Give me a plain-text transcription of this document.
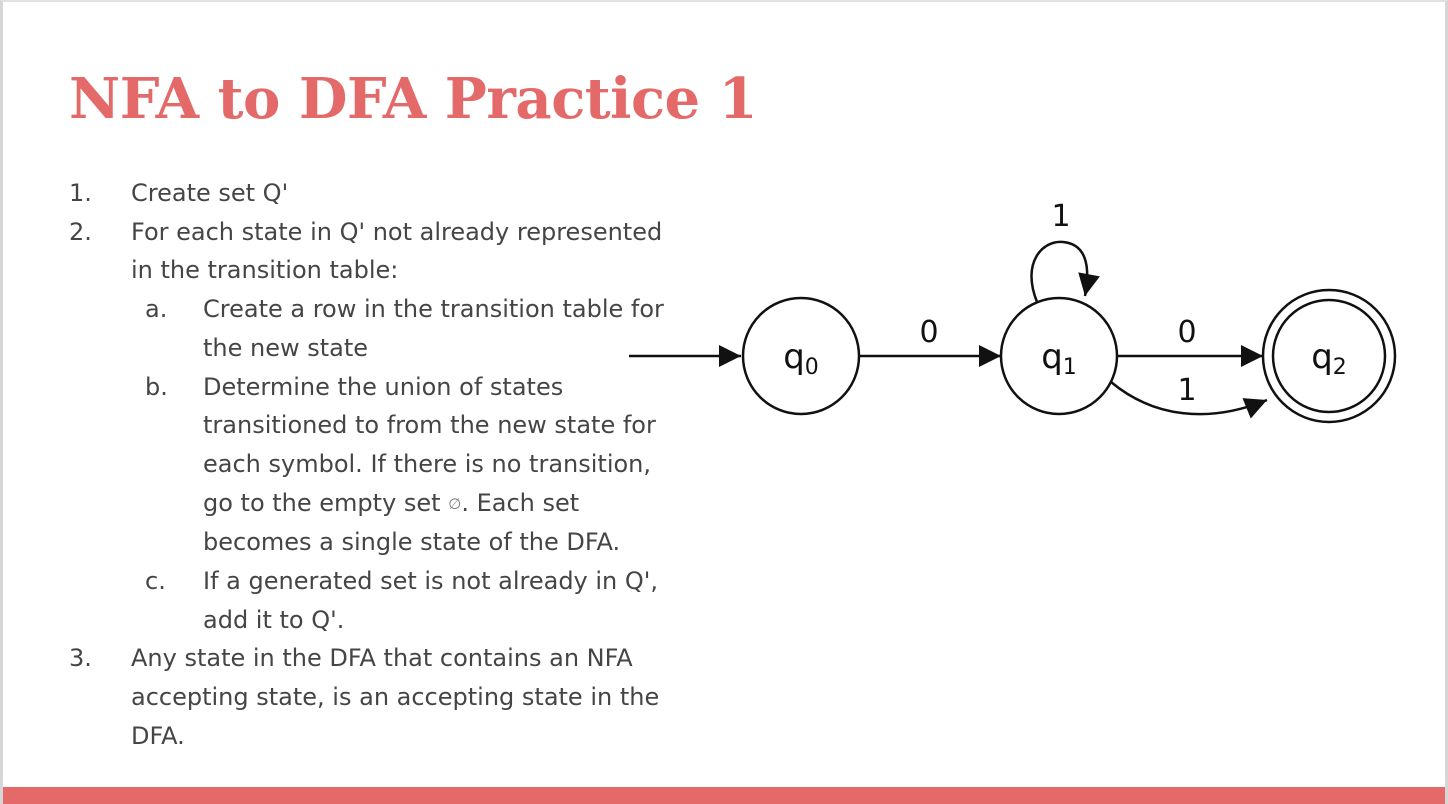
NFA to DFA Practice 1
1.	Create set Q'
2.	For each state in Q' not already represented in the transition table:
a.	Create a row in the transition table for the new state
b.	Determine the union of states transitioned to from the new state for each symbol. If there is no transition, go to the empty set ∅. Each set becomes a single state of the DFA.
c.	If a generated set is not already in Q', add it to Q'.
3.	Any state in the DFA that contains an NFA accepting state, is an accepting state in the DFA.
q0
0
q1
1
0
1
q2
